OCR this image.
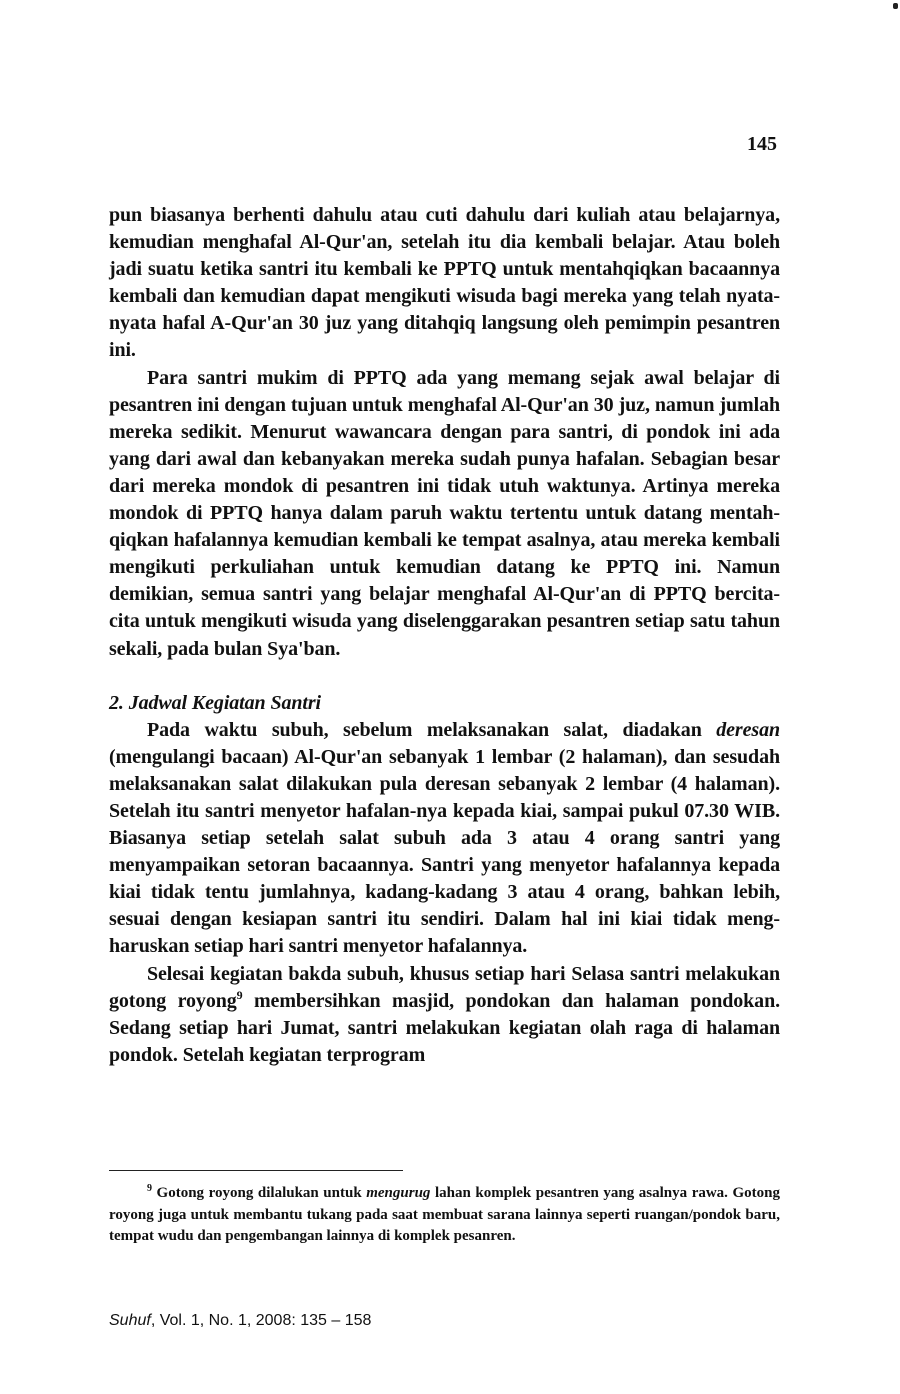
145

pun biasanya berhenti dahulu atau cuti dahulu dari kuliah atau belajarnya, kemudian menghafal Al-Qur'an, setelah itu dia kembali belajar. Atau boleh jadi suatu ketika santri itu kembali ke PPTQ untuk mentahqiqkan bacaannya kembali dan kemudian dapat mengikuti wisuda bagi mereka yang telah nyata-nyata hafal A-Qur'an 30 juz yang ditahqiq langsung oleh pemimpin pesantren ini.

Para santri mukim di PPTQ ada yang memang sejak awal belajar di pesantren ini dengan tujuan untuk menghafal Al-Qur'an 30 juz, namun jumlah mereka sedikit. Menurut wawancara dengan para santri, di pondok ini ada yang dari awal dan kebanyakan mereka sudah punya hafalan. Sebagian besar dari mereka mondok di pesantren ini tidak utuh waktunya. Artinya mereka mondok di PPTQ hanya dalam paruh waktu tertentu untuk datang mentah-qiqkan hafalannya kemudian kembali ke tempat asalnya, atau mereka kembali mengikuti perkuliahan untuk kemudian datang ke PPTQ ini. Namun demikian, semua santri yang belajar menghafal Al-Qur'an di PPTQ bercita-cita untuk mengikuti wisuda yang diselenggarakan pesantren setiap satu tahun sekali, pada bulan Sya'ban.

2. Jadwal Kegiatan Santri

Pada waktu subuh, sebelum melaksanakan salat, diadakan deresan (mengulangi bacaan) Al-Qur'an sebanyak 1 lembar (2 halaman), dan sesudah melaksanakan salat dilakukan pula deresan sebanyak 2 lembar (4 halaman). Setelah itu santri menyetor hafalan-nya kepada kiai, sampai pukul 07.30 WIB. Biasanya setiap setelah salat subuh ada 3 atau 4 orang santri yang menyampaikan setoran bacaannya. Santri yang menyetor hafalannya kepada kiai tidak tentu jumlahnya, kadang-kadang 3 atau 4 orang, bahkan lebih, sesuai dengan kesiapan santri itu sendiri. Dalam hal ini kiai tidak meng-haruskan setiap hari santri menyetor hafalannya.

Selesai kegiatan bakda subuh, khusus setiap hari Selasa santri melakukan gotong royong$^9$ membersihkan masjid, pondokan dan halaman pondokan. Sedang setiap hari Jumat, santri melakukan kegiatan olah raga di halaman pondok. Setelah kegiatan terprogram

$^9$ Gotong royong dilalukan untuk mengurug lahan komplek pesantren yang asalnya rawa. Gotong royong juga untuk membantu tukang pada saat membuat sarana lainnya seperti ruangan/pondok baru, tempat wudu dan pengembangan lainnya di komplek pesanren.

Suhuf, Vol. 1, No. 1, 2008: 135 – 158
